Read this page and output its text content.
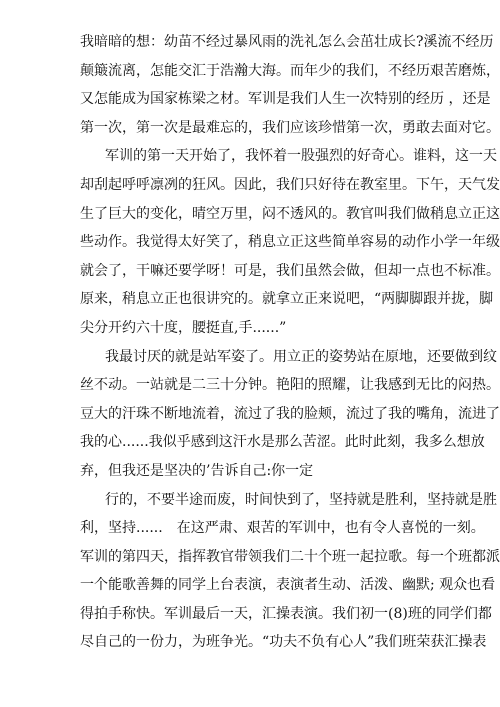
我暗暗的想：幼苗不经过暴风雨的洗礼怎么会茁壮成长?溪流不经历
颠簸流离，怎能交汇于浩瀚大海。而年少的我们，不经历艰苦磨炼，
又怎能成为国家栋梁之材。军训是我们人生一次特别的经历 ，还是
第一次，第一次是最难忘的，我们应该珍惜第一次，勇敢去面对它。
军训的第一天开始了，我怀着一股强烈的好奇心。谁料，这一天
却刮起呼呼凛冽的狂风。因此，我们只好待在教室里。下午，天气发
生了巨大的变化，晴空万里，闷不透风的。教官叫我们做稍息立正这
些动作。我觉得太好笑了，稍息立正这些简单容易的动作小学一年级
就会了，干嘛还要学呀！可是，我们虽然会做，但却一点也不标准。
原来，稍息立正也很讲究的。就拿立正来说吧，“两脚脚跟并拢，脚
尖分开约六十度，腰挺直,手......”
我最讨厌的就是站军姿了。用立正的姿势站在原地，还要做到纹
丝不动。一站就是二三十分钟。艳阳的照耀，让我感到无比的闷热。
豆大的汗珠不断地流着，流过了我的脸颊，流过了我的嘴角，流进了
我的心......我似乎感到这汗水是那么苦涩。此时此刻，我多么想放
弃，但我还是坚决的’告诉自己:你一定
行的，不要半途而废，时间快到了，坚持就是胜利，坚持就是胜
利，坚持......　在这严肃、艰苦的军训中，也有令人喜悦的一刻。
军训的第四天，指挥教官带领我们二十个班一起拉歌。每一个班都派
一个能歌善舞的同学上台表演，表演者生动、活泼、幽默; 观众也看
得拍手称快。军训最后一天，汇操表演。我们初一(8)班的同学们都
尽自己的一份力，为班争光。“功夫不负有心人”我们班荣获汇操表
